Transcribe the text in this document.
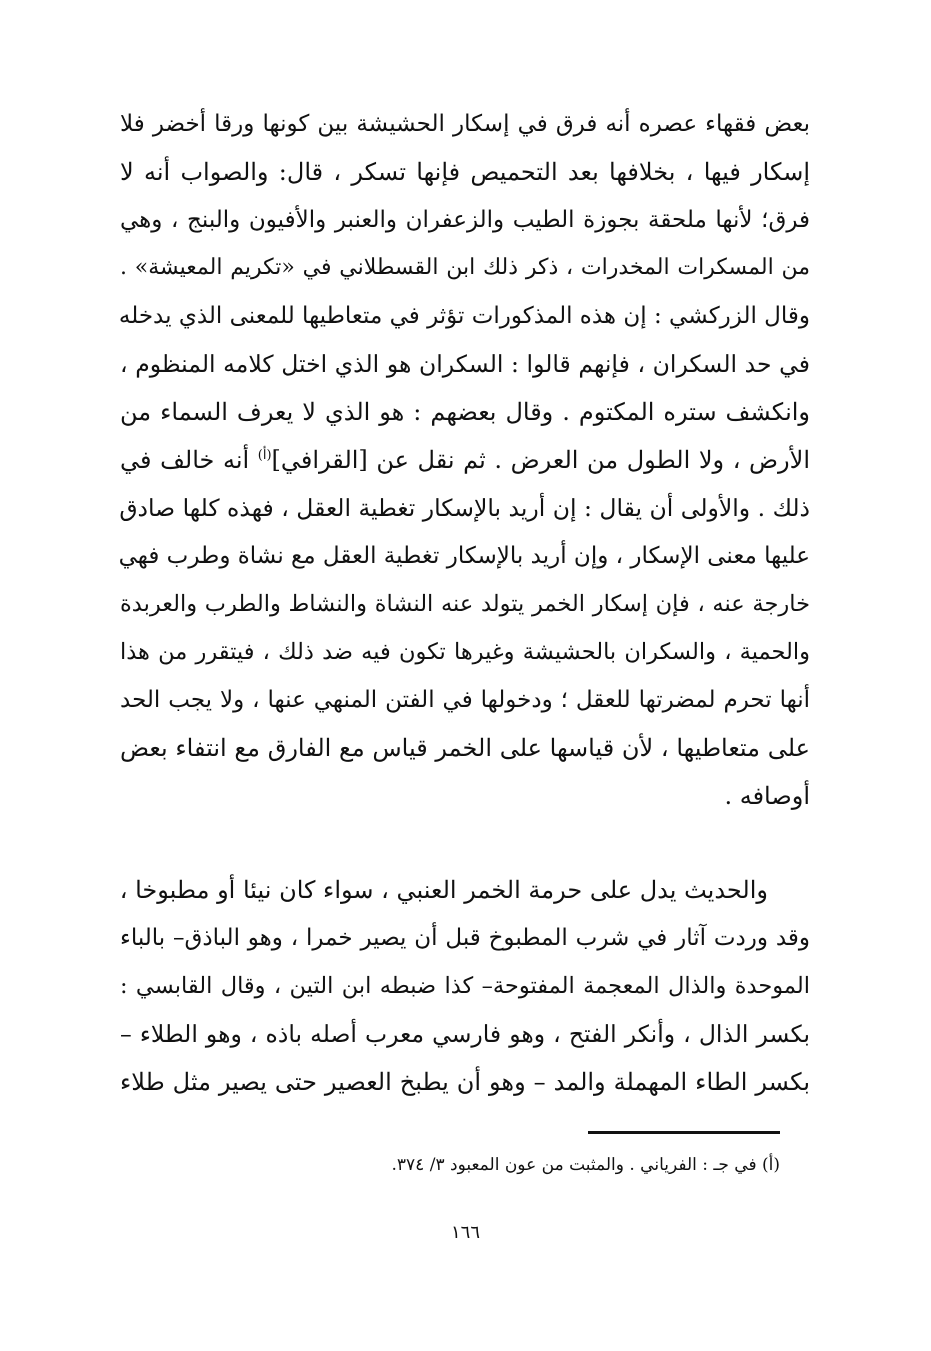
بعض فقهاء عصره أنه فرق في إسكار الحشيشة بين كونها ورقا أخضر فلا
إسكار فيها ، بخلافها بعد التحميص فإنها تسكر ، قال: والصواب أنه لا
فرق؛ لأنها ملحقة بجوزة الطيب والزعفران والعنبر والأفيون والبنج ، وهي
من المسكرات المخدرات ، ذكر ذلك ابن القسطلاني في «تكريم المعيشة» .
وقال الزركشي : إن هذه المذكورات تؤثر في متعاطيها للمعنى الذي يدخله
في حد السكران ، فإنهم قالوا : السكران هو الذي اختل كلامه المنظوم ،
وانكشف ستره المكتوم . وقال بعضهم : هو الذي لا يعرف السماء من
الأرض ، ولا الطول من العرض . ثم نقل عن [القرافي]$^{(أ)}$ أنه خالف في
ذلك . والأولى أن يقال : إن أريد بالإسكار تغطية العقل ، فهذه كلها صادق
عليها معنى الإسكار ، وإن أريد بالإسكار تغطية العقل مع نشاة وطرب فهي
خارجة عنه ، فإن إسكار الخمر يتولد عنه النشاة والنشاط والطرب والعربدة
والحمية ، والسكران بالحشيشة وغيرها تكون فيه ضد ذلك ، فيتقرر من هذا
أنها تحرم لمضرتها للعقل ؛ ودخولها في الفتن المنهي عنها ، ولا يجب الحد
على متعاطيها ، لأن قياسها على الخمر قياس مع الفارق مع انتفاء بعض
أوصافه .
والحديث يدل على حرمة الخمر العنبي ، سواء كان نيئا أو مطبوخا ،
وقد وردت آثار في شرب المطبوخ قبل أن يصير خمرا ، وهو الباذق– بالباء
الموحدة والذال المعجمة المفتوحة– كذا ضبطه ابن التين ، وقال القابسي :
بكسر الذال ، وأنكر الفتح ، وهو فارسي معرب أصله باذه ، وهو الطلاء –
بكسر الطاء المهملة والمد – وهو أن يطبخ العصير حتى يصير مثل طلاء
(أ) في جـ : الفرياني . والمثبت من عون المعبود ٣/ ٣٧٤.
١٦٦
